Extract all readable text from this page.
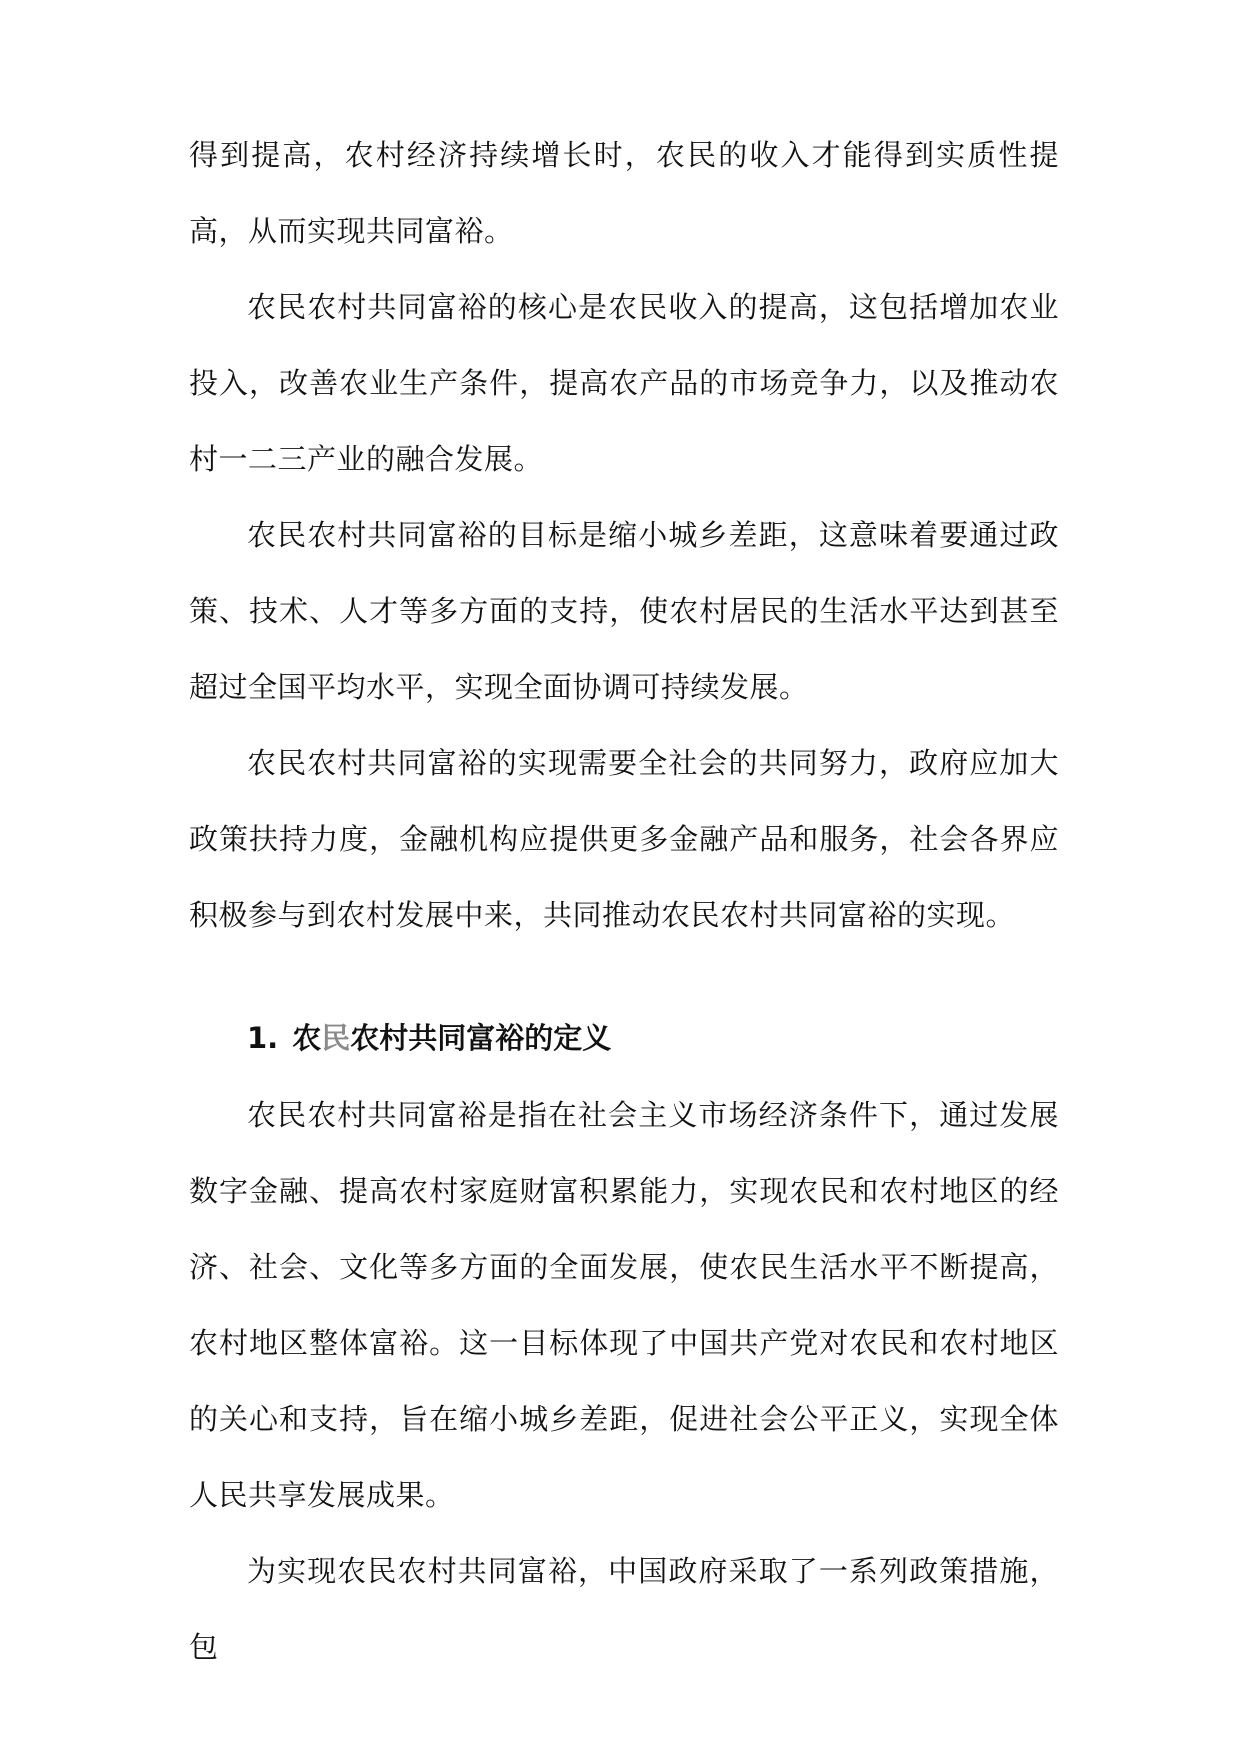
得到提高，农村经济持续增长时，农民的收入才能得到实质性提高，从而实现共同富裕。

农民农村共同富裕的核心是农民收入的提高，这包括增加农业投入，改善农业生产条件，提高农产品的市场竞争力，以及推动农村一二三产业的融合发展。

农民农村共同富裕的目标是缩小城乡差距，这意味着要通过政策、技术、人才等多方面的支持，使农村居民的生活水平达到甚至超过全国平均水平，实现全面协调可持续发展。

农民农村共同富裕的实现需要全社会的共同努力，政府应加大政策扶持力度，金融机构应提供更多金融产品和服务，社会各界应积极参与到农村发展中来，共同推动农民农村共同富裕的实现。

1. 农民农村共同富裕的定义

农民农村共同富裕是指在社会主义市场经济条件下，通过发展数字金融、提高农村家庭财富积累能力，实现农民和农村地区的经济、社会、文化等多方面的全面发展，使农民生活水平不断提高，农村地区整体富裕。这一目标体现了中国共产党对农民和农村地区的关心和支持，旨在缩小城乡差距，促进社会公平正义，实现全体人民共享发展成果。

为实现农民农村共同富裕，中国政府采取了一系列政策措施，包
